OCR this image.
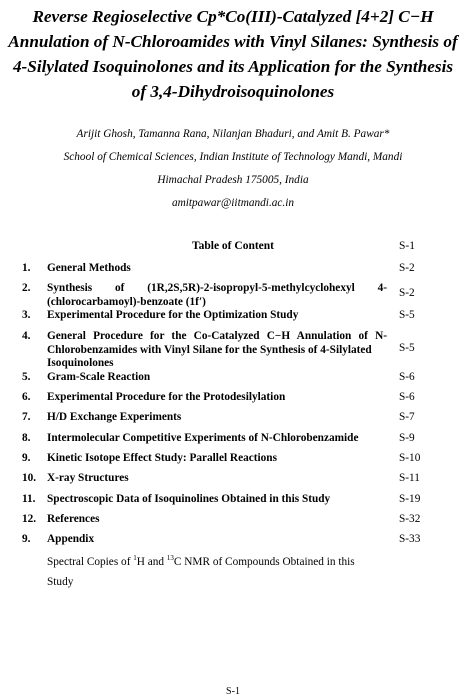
Reverse Regioselective Cp*Co(III)-Catalyzed [4+2] C−H
Annulation of N-Chloroamides with Vinyl Silanes: Synthesis of
4-Silylated Isoquinolones and its Application for the Synthesis
of 3,4-Dihydroisoquinolones
Arijit Ghosh, Tamanna Rana, Nilanjan Bhaduri, and Amit B. Pawar*
School of Chemical Sciences, Indian Institute of Technology Mandi, Mandi
Himachal Pradesh 175005, India
amitpawar@iitmandi.ac.in
Table of Content	S-1
1.	General Methods	S-2
2.	Synthesis of (1R,2S,5R)-2-isopropyl-5-methylcyclohexyl 4-
(chlorocarbamoyl)-benzoate (1f′)
S-2
3.	Experimental Procedure for the Optimization Study	S-5
4.	General Procedure for the Co-Catalyzed C−H Annulation of N-
Chlorobenzamides with Vinyl Silane for the Synthesis of 4-Silylated
Isoquinolones
S-5
5.	Gram-Scale Reaction	S-6
6.	Experimental Procedure for the Protodesilylation	S-6
7.	H/D Exchange Experiments	S-7
8.	Intermolecular Competitive Experiments of N-Chlorobenzamide	S-9
9.	Kinetic Isotope Effect Study: Parallel Reactions	S-10
10. X-ray Structures	S-11
11.	Spectroscopic Data of Isoquinolines Obtained in this Study	S-19
12. References	S-32
9.	Appendix	S-33
Spectral Copies of $^1$H and $^{13}$C NMR of Compounds Obtained in this
Study
S-1
